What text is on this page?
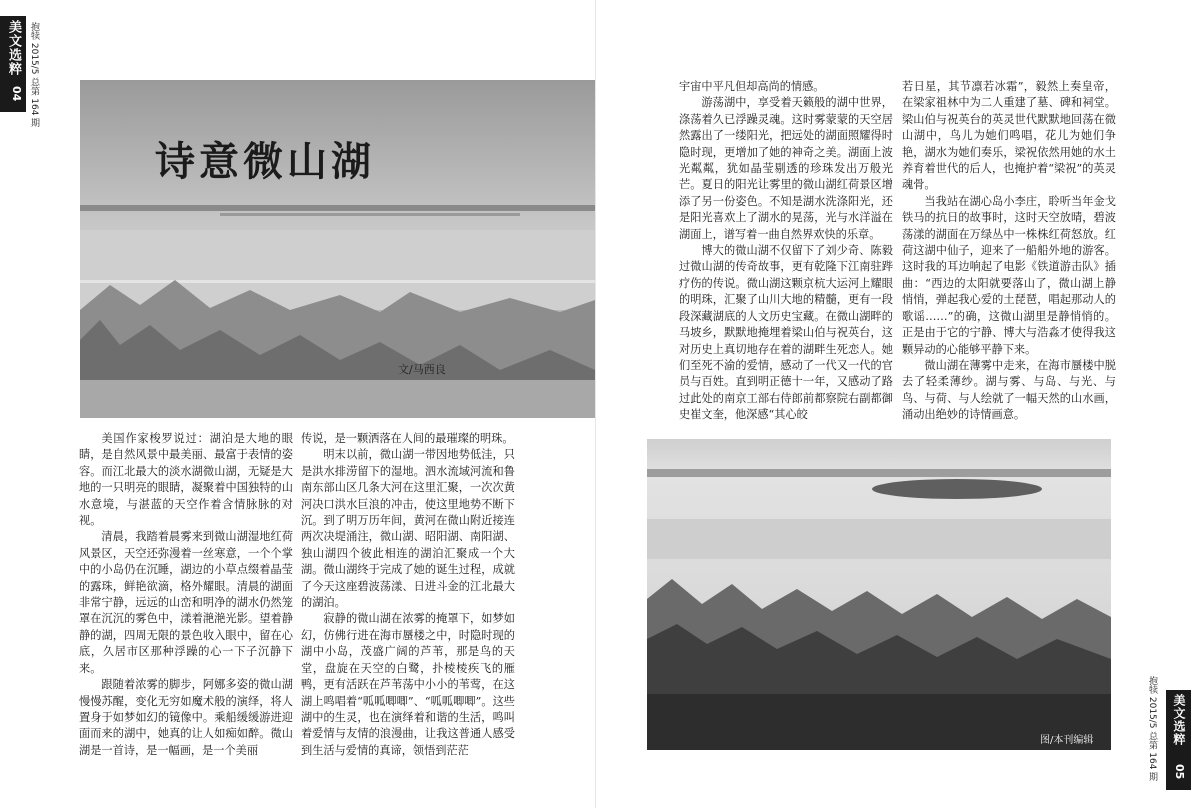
美文选粹
04 抱犊 2015/5 总第 164 期
诗意微山湖
文/马西良
图/本刊编辑

美国作家梭罗说过：湖泊是大地的眼睛，是自然风景中最美丽、最富于表情的姿容。而江北最大的淡水湖微山湖，无疑是大地的一只明亮的眼睛，凝聚着中国独特的山水意境，与湛蓝的天空作着含情脉脉的对视。

清晨，我踏着晨雾来到微山湖湿地红荷风景区，天空还弥漫着一丝寒意，一个个掌中的小岛仍在沉睡，湖边的小草点缀着晶莹的露珠，鲜艳欲滴，格外耀眼。清晨的湖面非常宁静，远远的山峦和明净的湖水仍然笼罩在沉沉的雾色中，漾着滟滟光影。望着静静的湖，四周无限的景色收入眼中，留在心底，久居市区那种浮躁的心一下子沉静下来。

跟随着浓雾的脚步，阿娜多姿的微山湖慢慢苏醒，变化无穷如魔术般的演绎，将人置身于如梦如幻的镜像中。乘船缓缓游进迎面而来的湖中，她真的让人如痴如醉。微山湖是一首诗，是一幅画，是一个美丽

传说，是一颗洒落在人间的最璀璨的明珠。

明末以前，微山湖一带因地势低洼，只是洪水排涝留下的湿地。泗水流域河流和鲁南东部山区几条大河在这里汇聚，一次次黄河决口洪水巨浪的冲击，使这里地势不断下沉。到了明万历年间，黄河在微山附近接连两次决堤涌注，微山湖、昭阳湖、南阳湖、独山湖四个彼此相连的湖泊汇聚成一个大湖。微山湖终于完成了她的诞生过程，成就了今天这座碧波荡漾、日进斗金的江北最大的湖泊。

寂静的微山湖在浓雾的掩罩下，如梦如幻，仿佛行进在海市蜃楼之中，时隐时现的湖中小岛，茂盛广阔的芦苇，那是鸟的天堂，盘旋在天空的白鹭，扑棱棱疾飞的雁鸭，更有活跃在芦苇荡中小小的苇莺，在这湖上鸣唱着“呱呱唧唧”、“呱呱唧唧”。这些湖中的生灵，也在演绎着和谐的生活，鸣叫着爱情与友情的浪漫曲，让我这普通人感受到生活与爱情的真谛，领悟到茫茫

宇宙中平凡但却高尚的情感。

游荡湖中，享受着天籁般的湖中世界，涤荡着久已浮躁灵魂。这时雾蒙蒙的天空居然露出了一缕阳光，把远处的湖面照耀得时隐时现，更增加了她的神奇之美。湖面上波光粼粼，犹如晶莹剔透的珍珠发出万般光芒。夏日的阳光让雾里的微山湖红荷景区增添了另一份姿色。不知是湖水洗涤阳光，还是阳光喜欢上了湖水的晃荡，光与水洋溢在湖面上，谱写着一曲自然界欢快的乐章。

博大的微山湖不仅留下了刘少奇、陈毅过微山湖的传奇故事，更有乾隆下江南驻跸疗伤的传说。微山湖这颗京杭大运河上耀眼的明珠，汇聚了山川大地的精髓，更有一段段深藏湖底的人文历史宝藏。在微山湖畔的马坡乡，默默地掩埋着梁山伯与祝英台，这对历史上真切地存在着的湖畔生死恋人。她们至死不渝的爱情，感动了一代又一代的官员与百姓。直到明正德十一年，又感动了路过此处的南京工部右侍郎前都察院右副都御史崔文奎，他深感“其心皎

若日星，其节凛若冰霜”，毅然上奏皇帝，在梁家祖林中为二人重建了墓、碑和祠堂。梁山伯与祝英台的英灵世代默默地回荡在微山湖中，鸟儿为她们鸣唱，花儿为她们争艳，湖水为她们奏乐，梁祝依然用她的水土养育着世代的后人，也掩护着“梁祝”的英灵魂骨。

当我站在湖心岛小李庄，聆听当年金戈铁马的抗日的故事时，这时天空放晴，碧波荡漾的湖面在万绿丛中一株株红荷怒放。红荷这湖中仙子，迎来了一船船外地的游客。这时我的耳边响起了电影《铁道游击队》插曲：“西边的太阳就要落山了，微山湖上静悄悄，弹起我心爱的土琵琶，唱起那动人的歌谣……”的确，这微山湖里是静悄悄的。正是由于它的宁静、博大与浩淼才使得我这颗异动的心能够平静下来。

微山湖在薄雾中走来，在海市蜃楼中脱去了轻柔薄纱。湖与雾、与岛、与光、与鸟、与荷、与人绘就了一幅天然的山水画，涌动出绝妙的诗情画意。

抱犊 2015/5 总第 164 期 美文选粹
05
